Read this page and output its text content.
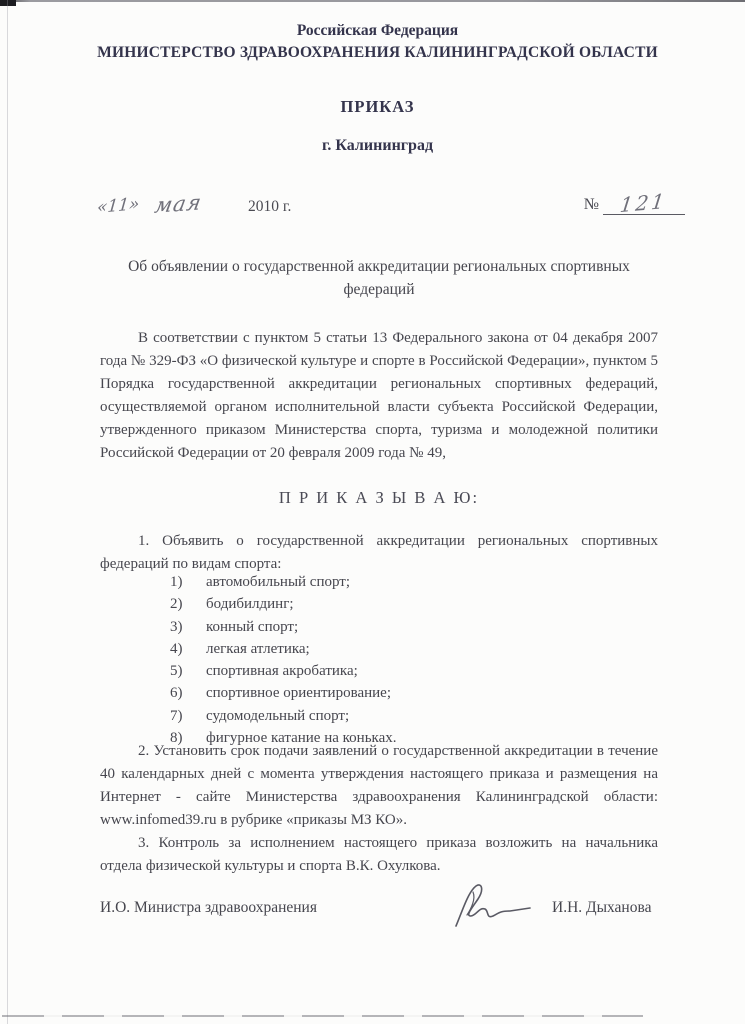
Российская Федерация
МИНИСТЕРСТВО ЗДРАВООХРАНЕНИЯ КАЛИНИНГРАДСКОЙ ОБЛАСТИ
ПРИКАЗ
г. Калининград
«11» мая	2010 г.	№ 121
Об объявлении о государственной аккредитации региональных спортивных федераций
В соответствии с пунктом 5 статьи 13 Федерального закона от 04 декабря 2007 года № 329-ФЗ «О физической культуре и спорте в Российской Федерации», пунктом 5 Порядка государственной аккредитации региональных спортивных федераций, осуществляемой органом исполнительной власти субъекта Российской Федерации, утвержденного приказом Министерства спорта, туризма и молодежной политики Российской Федерации от 20 февраля 2009 года № 49,
П Р И К А З Ы В А Ю:
1. Объявить о государственной аккредитации региональных спортивных федераций по видам спорта:
1)	автомобильный спорт;
2)	бодибилдинг;
3)	конный спорт;
4)	легкая атлетика;
5)	спортивная акробатика;
6)	спортивное ориентирование;
7)	судомодельный спорт;
8)	фигурное катание на коньках.
2. Установить срок подачи заявлений о государственной аккредитации в течение 40 календарных дней с момента утверждения настоящего приказа и размещения на Интернет - сайте Министерства здравоохранения Калининградской области: www.infomed39.ru в рубрике «приказы МЗ КО».
3. Контроль за исполнением настоящего приказа возложить на начальника отдела физической культуры и спорта В.К. Охулкова.
И.О. Министра здравоохранения	И.Н. Дыханова
